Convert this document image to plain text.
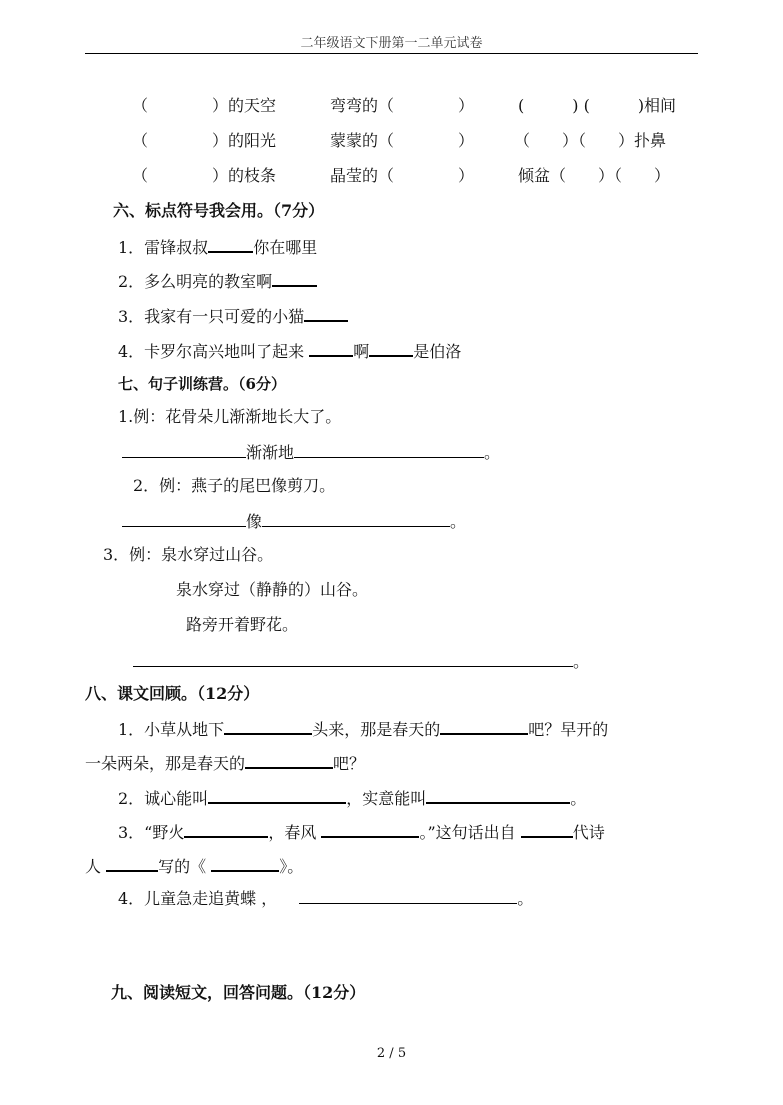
二年级语文下册第一二单元试卷
（　　　　）的天空	弯弯的（　　　　）	(　　　) (　　　)相间
（　　　　）的阳光	蒙蒙的（　　　　） （　　）（　　）扑鼻
（　　　　）的枝条	晶莹的（　　　　）	倾盆（　　）（　　）
六、标点符号我会用。（7分）
1．雷锋叔叔	你在哪里
2．多么明亮的教室啊
3．我家有一只可爱的小猫
4．卡罗尔高兴地叫了起来	啊	是伯洛
七、句子训练营。（6分）
1.例：花骨朵儿渐渐地长大了。
渐渐地	。
2．例：燕子的尾巴像剪刀。
像	。
3．例：泉水穿过山谷。
泉水穿过（静静的）山谷。
路旁开着野花。
。
八、课文回顾。（12分）
1．小草从地下	头来，那是春天的	吧？早开的
一朵两朵，那是春天的	吧？
2．诚心能叫	，实意能叫	。
3．“野火	，春风	。”这句话出自	代诗
人	写的《	》。
4．儿童急走追黄蝶 ，	。
九、阅读短文，回答问题。（12分）
2 / 5
